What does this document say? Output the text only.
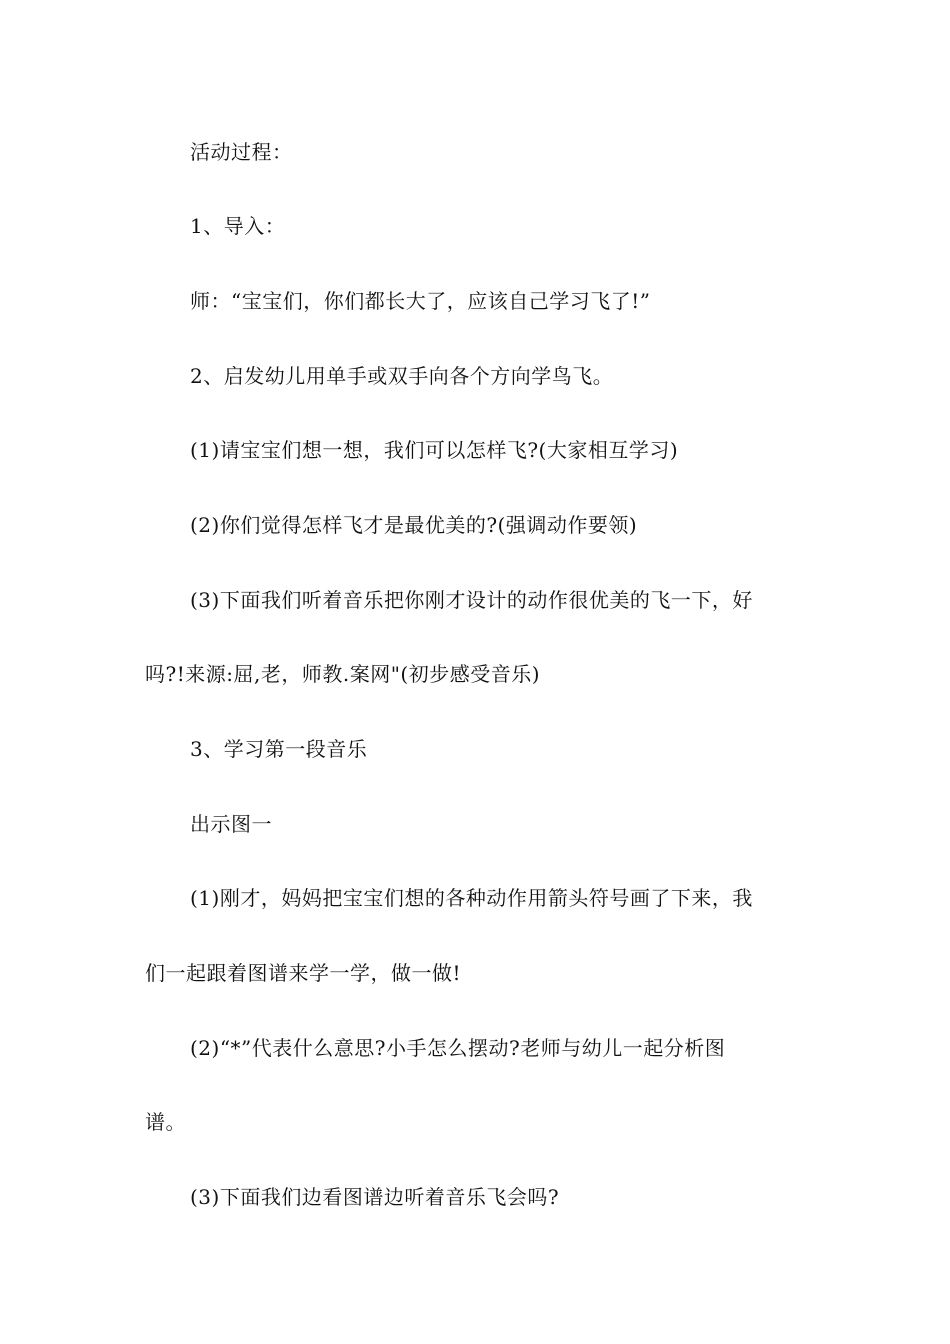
活动过程：
1、导入：
师：“宝宝们，你们都长大了，应该自己学习飞了!”
2、启发幼儿用单手或双手向各个方向学鸟飞。
(1)请宝宝们想一想，我们可以怎样飞?(大家相互学习)
(2)你们觉得怎样飞才是最优美的?(强调动作要领)
(3)下面我们听着音乐把你刚才设计的动作很优美的飞一下，好
吗?!来源:屈,老，师教.案网"(初步感受音乐)
3、学习第一段音乐
出示图一
(1)刚才，妈妈把宝宝们想的各种动作用箭头符号画了下来，我
们一起跟着图谱来学一学，做一做!
(2)“*”代表什么意思?小手怎么摆动?老师与幼儿一起分析图
谱。
(3)下面我们边看图谱边听着音乐飞会吗?
